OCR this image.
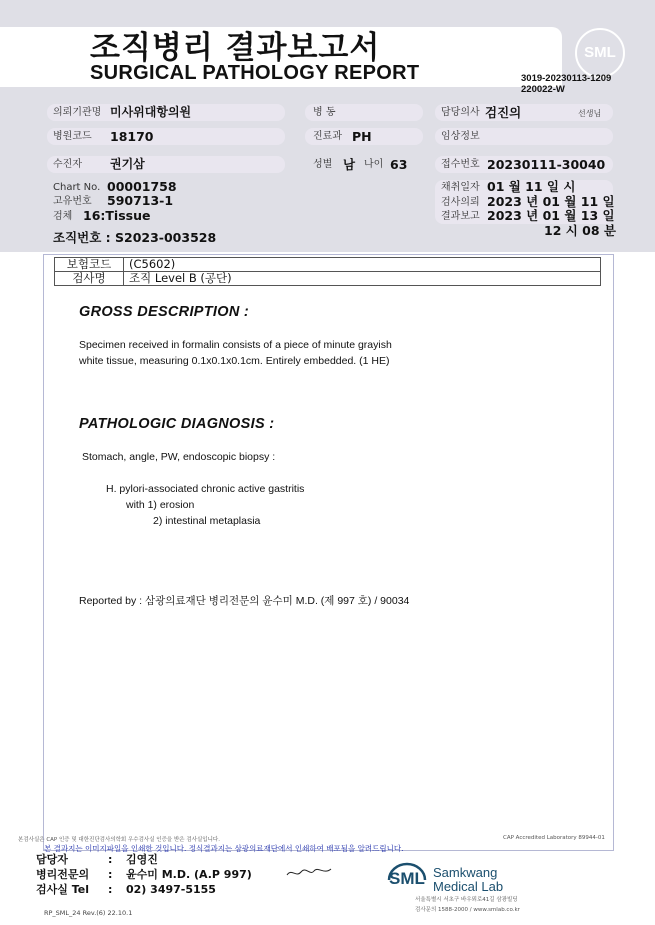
조직병리 결과보고서
SURGICAL PATHOLOGY REPORT
SML
3019-20230113-1209
220022-W
의뢰기관명 미사위대항의원	병 동	담당의사 검진의	선생님
병원코드 18170	진료과 PH	임상정보
수진자 권기삼	성별 남 나이 63	접수번호 20230111-30040
Chart No. 00001758
고유번호 590713-1
검체 16:Tissue
채취일자 01 월 11 일 시
검사의뢰 2023 년 01 월 11 일
결과보고 2023 년 01 월 13 일
12 시 08 분
조직번호 : S2023-003528
보험코드	(C5602)
검사명	조직 Level B (공단)
GROSS DESCRIPTION :
Specimen received in formalin consists of a piece of minute grayish
white tissue, measuring 0.1x0.1x0.1cm. Entirely embedded. (1 HE)
PATHOLOGIC DIAGNOSIS :
Stomach, angle, PW, endoscopic biopsy :
H. pylori-associated chronic active gastritis
with 1) erosion
2) intestinal metaplasia
Reported by : 삼광의료재단 병리전문의 윤수미 M.D. (제 997 호) / 90034
본검사실은 CAP 인증 및 대한진단검사의학회 우수검사실 인증을 받은 검사실입니다.	CAP Accredited Laboratory 89944-01
본 결과지는 이미지파일을 인쇄한 것입니다. 정식결과지는 삼광의료재단에서 인쇄하여 배포됨을 알려드립니다.
담당자	: 김영진
병리전문의 : 윤수미 M.D. (A.P 997)
검사실 Tel : 02) 3497-5155
SML Samkwang
Medical Lab
서울특별시 서초구 바우뫼로41길 삼광빌딩
검사문의 1588-2000 / www.smlab.co.kr
RP_SML_24 Rev.(6) 22.10.1
